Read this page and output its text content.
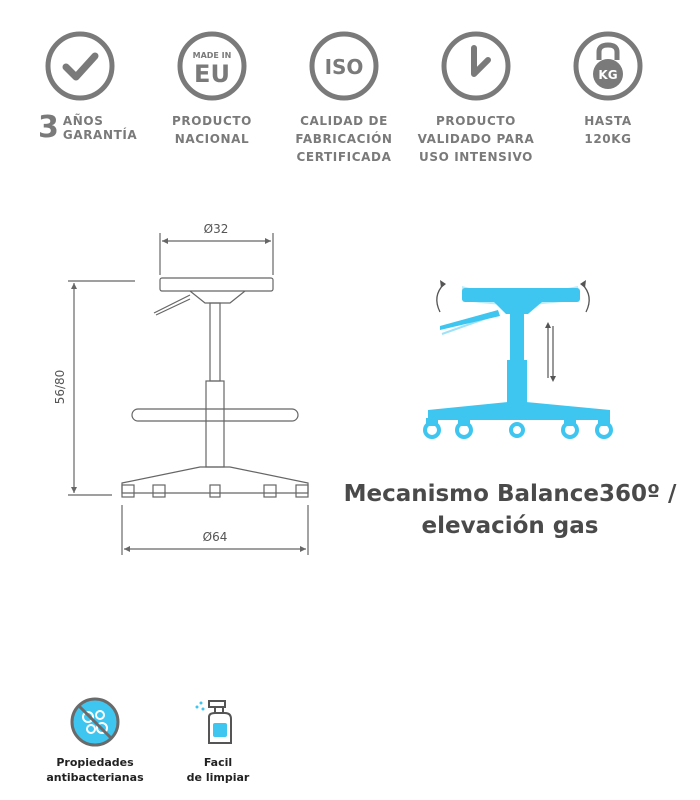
3 AÑOS
GARANTÍA
MADE IN
EU
PRODUCTO
NACIONAL
ISO
CALIDAD DE
FABRICACIÓN
CERTIFICADA
PRODUCTO
VALIDADO PARA
USO INTENSIVO
KG
HASTA
120KG
Ø32
56/80
Ø64
Mecanismo Balance360º /
elevación gas
Propiedades
antibacterianas
Facil
de limpiar
